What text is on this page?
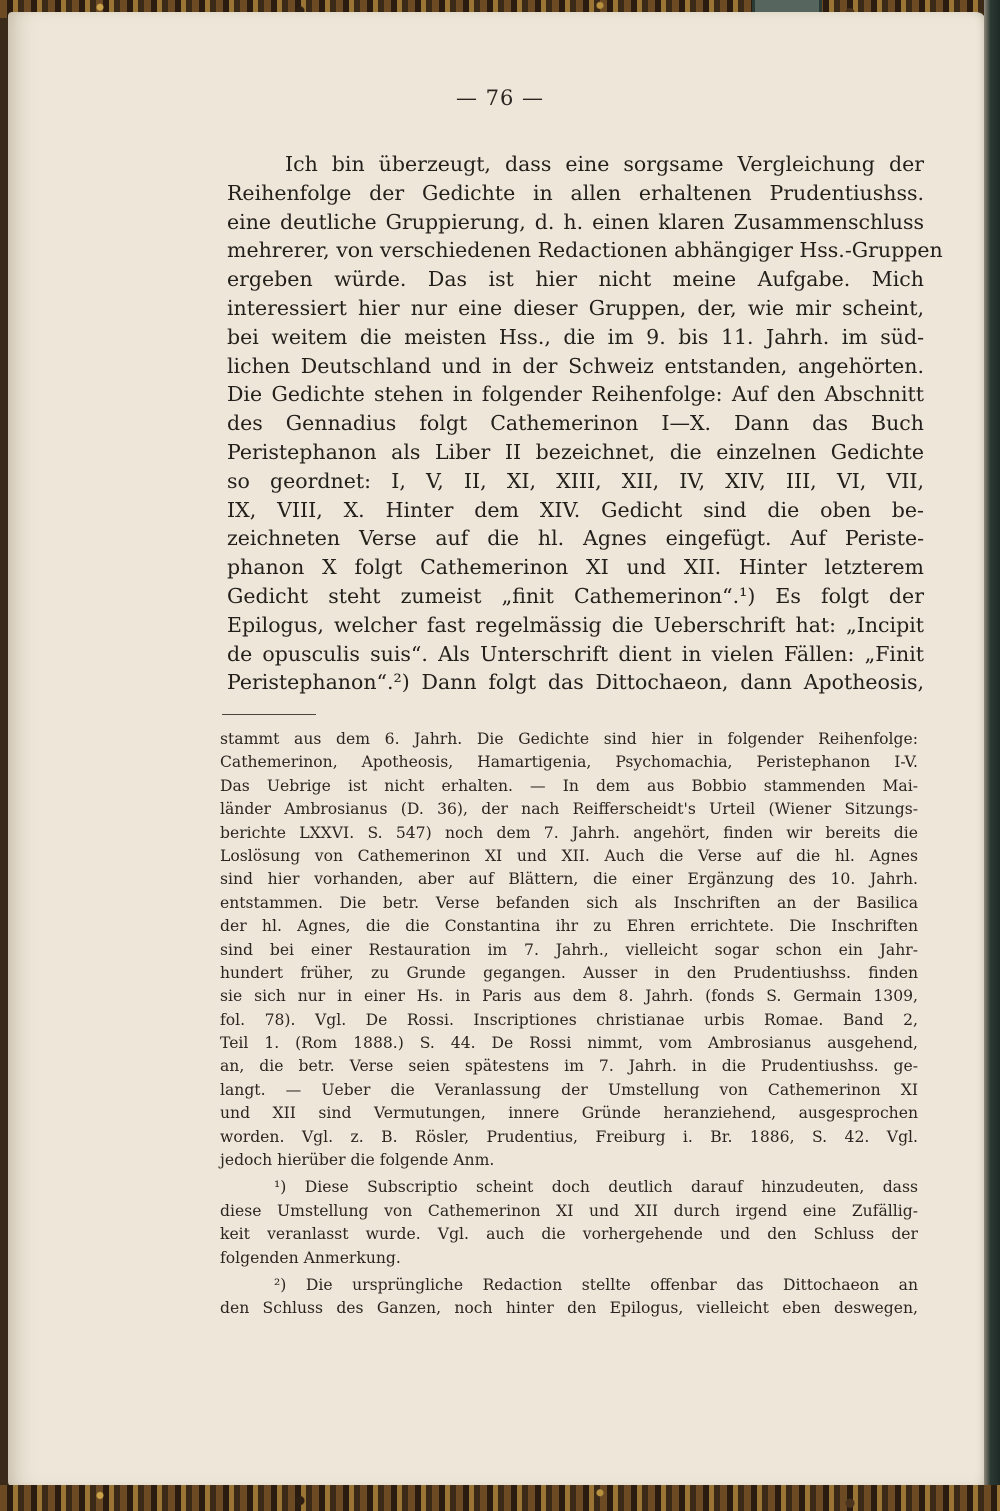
— 76 —
Ich bin überzeugt, dass eine sorgsame Vergleichung der
Reihenfolge der Gedichte in allen erhaltenen Prudentiushss.
eine deutliche Gruppierung, d. h. einen klaren Zusammenschluss
mehrerer, von verschiedenen Redactionen abhängiger Hss.-Gruppen
ergeben würde. Das ist hier nicht meine Aufgabe. Mich
interessiert hier nur eine dieser Gruppen, der, wie mir scheint,
bei weitem die meisten Hss., die im 9. bis 11. Jahrh. im süd-
lichen Deutschland und in der Schweiz entstanden, angehörten.
Die Gedichte stehen in folgender Reihenfolge: Auf den Abschnitt
des Gennadius folgt Cathemerinon I—X. Dann das Buch
Peristephanon als Liber II bezeichnet, die einzelnen Gedichte
so geordnet: I, V, II, XI, XIII, XII, IV, XIV, III, VI, VII,
IX, VIII, X. Hinter dem XIV. Gedicht sind die oben be-
zeichneten Verse auf die hl. Agnes eingefügt. Auf Periste-
phanon X folgt Cathemerinon XI und XII. Hinter letzterem
Gedicht steht zumeist „finit Cathemerinon“.¹) Es folgt der
Epilogus, welcher fast regelmässig die Ueberschrift hat: „Incipit
de opusculis suis“. Als Unterschrift dient in vielen Fällen: „Finit
Peristephanon“.²) Dann folgt das Dittochaeon, dann Apotheosis,
stammt aus dem 6. Jahrh. Die Gedichte sind hier in folgender Reihenfolge:
Cathemerinon, Apotheosis, Hamartigenia, Psychomachia, Peristephanon I-V.
Das Uebrige ist nicht erhalten. — In dem aus Bobbio stammenden Mai-
länder Ambrosianus (D. 36), der nach Reifferscheidt's Urteil (Wiener Sitzungs-
berichte LXXVI. S. 547) noch dem 7. Jahrh. angehört, finden wir bereits die
Loslösung von Cathemerinon XI und XII. Auch die Verse auf die hl. Agnes
sind hier vorhanden, aber auf Blättern, die einer Ergänzung des 10. Jahrh.
entstammen. Die betr. Verse befanden sich als Inschriften an der Basilica
der hl. Agnes, die die Constantina ihr zu Ehren errichtete. Die Inschriften
sind bei einer Restauration im 7. Jahrh., vielleicht sogar schon ein Jahr-
hundert früher, zu Grunde gegangen. Ausser in den Prudentiushss. finden
sie sich nur in einer Hs. in Paris aus dem 8. Jahrh. (fonds S. Germain 1309,
fol. 78). Vgl. De Rossi. Inscriptiones christianae urbis Romae. Band 2,
Teil 1. (Rom 1888.) S. 44. De Rossi nimmt, vom Ambrosianus ausgehend,
an, die betr. Verse seien spätestens im 7. Jahrh. in die Prudentiushss. ge-
langt. — Ueber die Veranlassung der Umstellung von Cathemerinon XI
und XII sind Vermutungen, innere Gründe heranziehend, ausgesprochen
worden. Vgl. z. B. Rösler, Prudentius, Freiburg i. Br. 1886, S. 42. Vgl.
jedoch hierüber die folgende Anm.
¹) Diese Subscriptio scheint doch deutlich darauf hinzudeuten, dass
diese Umstellung von Cathemerinon XI und XII durch irgend eine Zufällig-
keit veranlasst wurde. Vgl. auch die vorhergehende und den Schluss der
folgenden Anmerkung.
²) Die ursprüngliche Redaction stellte offenbar das Dittochaeon an
den Schluss des Ganzen, noch hinter den Epilogus, vielleicht eben deswegen,
